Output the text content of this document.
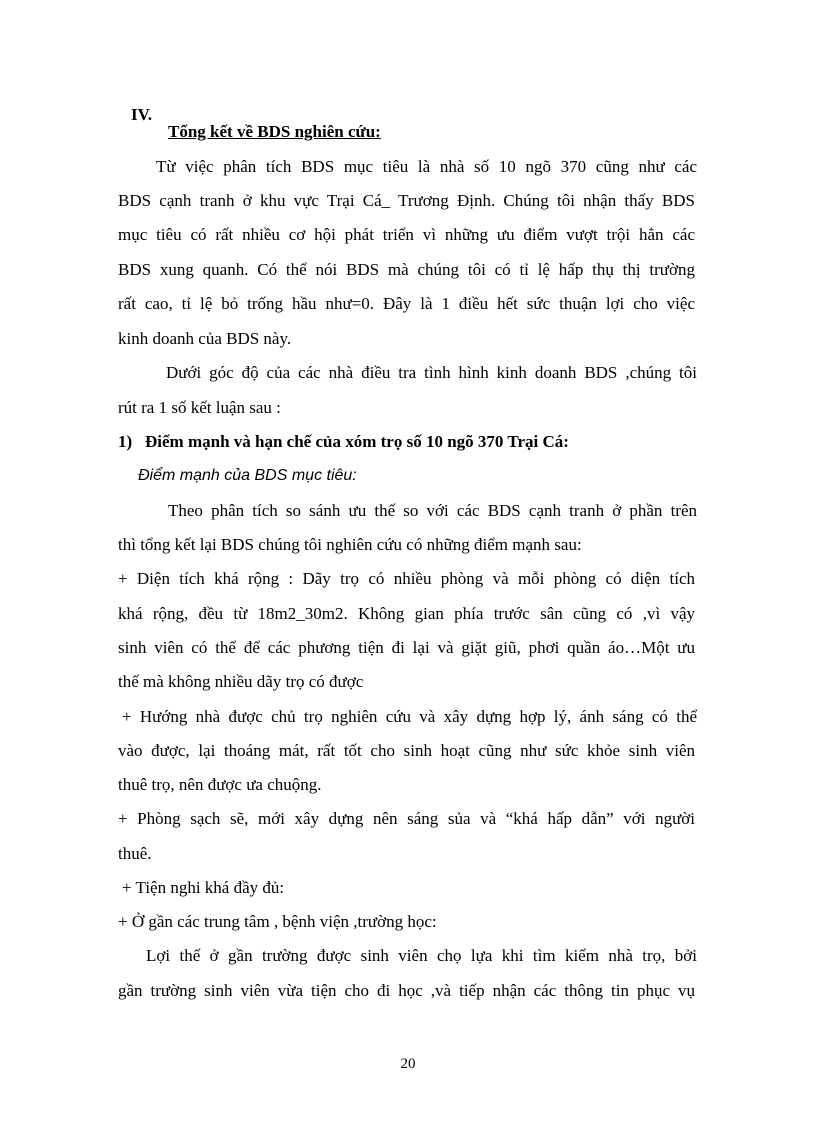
IV.
Tổng kết về BDS nghiên cứu:
Từ việc phân tích BDS mục tiêu là nhà số 10 ngõ 370 cũng như các
BDS cạnh tranh ở khu vực Trại Cá_ Trương Định. Chúng tôi nhận thấy BDS
mục tiêu có rất nhiều cơ hội phát triển vì những ưu điểm vượt trội hẳn các
BDS xung quanh. Có thể nói BDS mà chúng tôi có tỉ lệ hấp thụ thị trường
rất cao, tỉ lệ bỏ trống hầu như=0. Đây là 1 điều hết sức thuận lợi cho việc
kinh doanh của BDS này.
Dưới góc độ của các nhà điều tra tình hình kinh doanh BDS ,chúng tôi
rút ra 1 số kết luận sau :
1) Điểm mạnh và hạn chế của xóm trọ số 10 ngõ 370 Trại Cá:
Điểm mạnh của BDS mục tiêu:
Theo phân tích so sánh ưu thế so với các BDS cạnh tranh ở phần trên
thì tổng kết lại BDS chúng tôi nghiên cứu có những điểm mạnh sau:
+ Diện tích khá rộng : Dãy trọ có nhiều phòng và mỗi phòng có diện tích
khá rộng, đều từ 18m2_30m2. Không gian phía trước sân cũng có ,vì vậy
sinh viên có thể để các phương tiện đi lại và giặt giũ, phơi quần áo…Một ưu
thế mà không nhiều dãy trọ có được
+ Hướng nhà được chủ trọ nghiên cứu và xây dựng hợp lý, ánh sáng có thể
vào được, lại thoáng mát, rất tốt cho sinh hoạt cũng như sức khỏe sinh viên
thuê trọ, nên được ưa chuộng.
+ Phòng sạch sẽ, mới xây dựng nên sáng sủa và “khá hấp dẫn” với người
thuê.
+ Tiện nghi khá đầy đủ:
+ Ở gần các trung tâm , bệnh viện ,trường học:
Lợi thế ở gần trường được sinh viên chọ lựa khi tìm kiếm nhà trọ, bởi
gần trường sinh viên vừa tiện cho đi học ,và tiếp nhận các thông tin phục vụ
20
